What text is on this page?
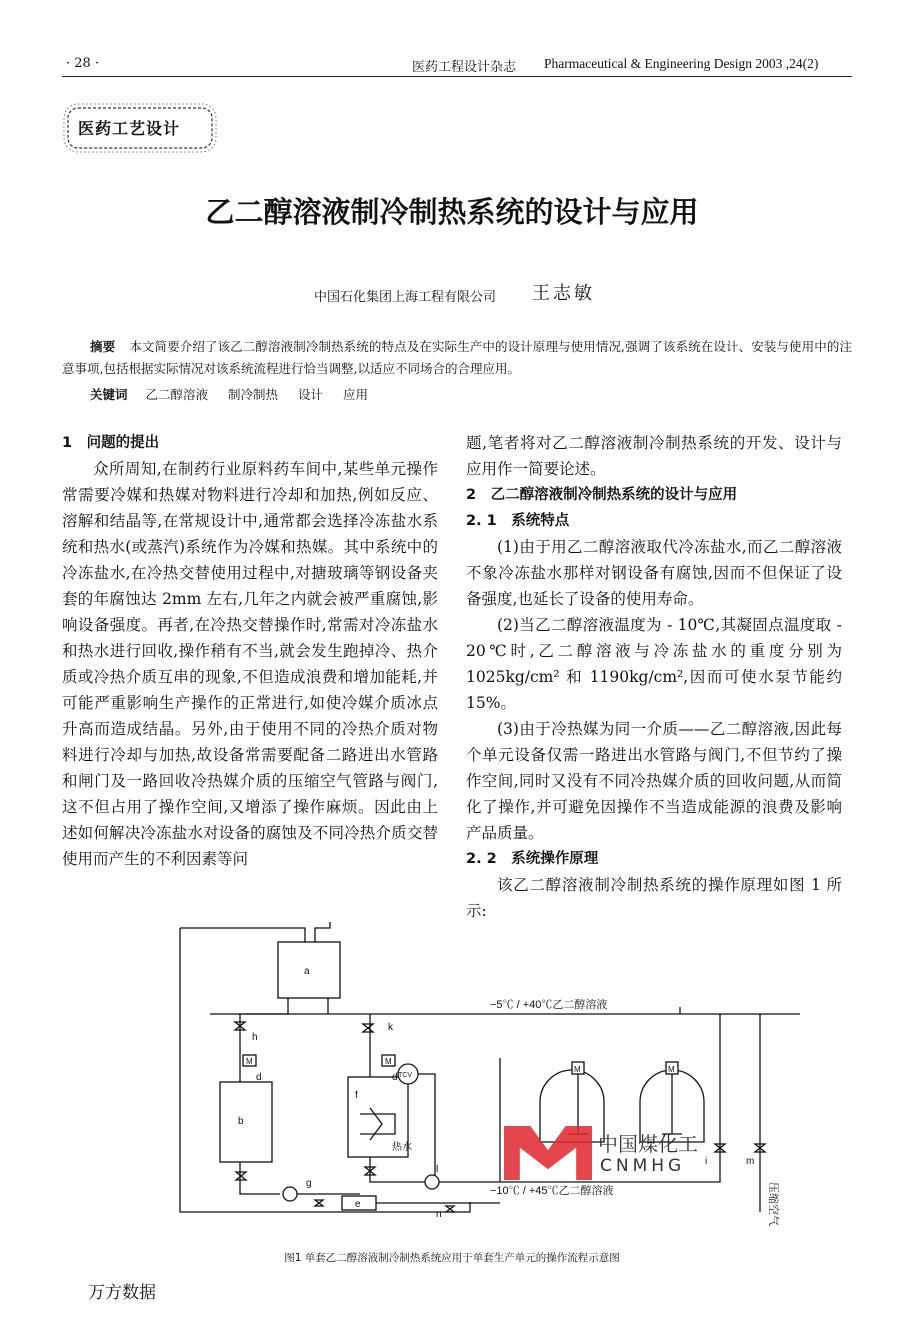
· 28 ·	医药工程设计杂志 Pharmaceutical & Engineering Design 2003 ,24(2)
医药工艺设计
乙二醇溶液制冷制热系统的设计与应用
中国石化集团上海工程有限公司 王志敏
摘要 本文简要介绍了该乙二醇溶液制冷制热系统的特点及在实际生产中的设计原理与使用情况,强调了该系统在设计、安装与使用中的注意事项,包括根据实际情况对该系统流程进行恰当调整,以适应不同场合的合理应用。
关键词 乙二醇溶液 制冷制热 设计 应用
1　问题的提出

众所周知,在制药行业原料药车间中,某些单元操作常需要冷媒和热媒对物料进行冷却和加热,例如反应、溶解和结晶等,在常规设计中,通常都会选择冷冻盐水系统和热水(或蒸汽)系统作为冷媒和热媒。其中系统中的冷冻盐水,在冷热交替使用过程中,对搪玻璃等钢设备夹套的年腐蚀达 2mm 左右,几年之内就会被严重腐蚀,影响设备强度。再者,在冷热交替操作时,常需对冷冻盐水和热水进行回收,操作稍有不当,就会发生跑掉冷、热介质或冷热介质互串的现象,不但造成浪费和增加能耗,并可能严重影响生产操作的正常进行,如使冷媒介质冰点升高而造成结晶。另外,由于使用不同的冷热介质对物料进行冷却与加热,故设备常需要配备二路进出水管路和闸门及一路回收冷热媒介质的压缩空气管路与阀门,这不但占用了操作空间,又增添了操作麻烦。因此由上述如何解决冷冻盐水对设备的腐蚀及不同冷热介质交替使用而产生的不利因素等问

题,笔者将对乙二醇溶液制冷制热系统的开发、设计与应用作一简要论述。

2　乙二醇溶液制冷制热系统的设计与应用
2. 1　系统特点

(1)由于用乙二醇溶液取代冷冻盐水,而乙二醇溶液不象冷冻盐水那样对钢设备有腐蚀,因而不但保证了设备强度,也延长了设备的使用寿命。

(2)当乙二醇溶液温度为 - 10℃,其凝固点温度取 - 20℃时,乙二醇溶液与冷冻盐水的重度分别为 1025kg/cm² 和 1190kg/cm²,因而可使水泵节能约 15%。

(3)由于冷热媒为同一介质——乙二醇溶液,因此每个单元设备仅需一路进出水管路与阀门,不但节约了操作空间,同时又没有不同冷热媒介质的回收问题,从而简化了操作,并可避免因操作不当造成能源的浪费及影响产品质量。

2. 2　系统操作原理

该乙二醇溶液制冷制热系统的操作原理如图 1 所示:

a
h
k
−5℃ / +40℃乙二醇溶液
b
M
d
g
f
热水
M
d TCV
l
e
n
−10℃ / +45℃乙二醇溶液
M	M
i	m
压缩空气
中国煤化工
CNMHG
图1 单套乙二醇溶液制冷制热系统应用于单套生产单元的操作流程示意图
万方数据
